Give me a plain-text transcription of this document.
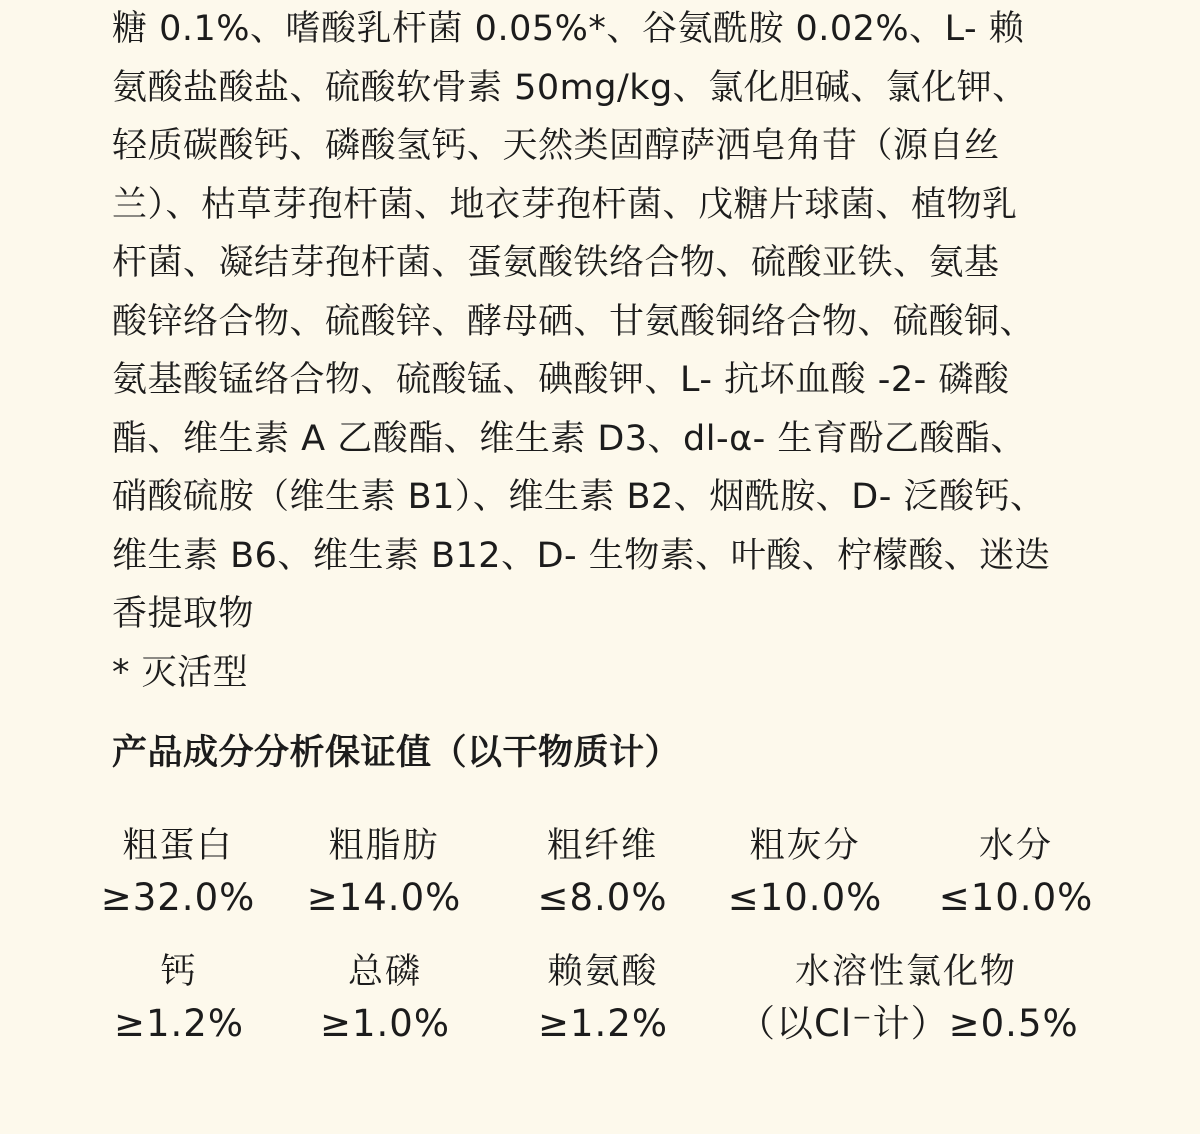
糖 0.1%、嗜酸乳杆菌 0.05%*、谷氨酰胺 0.02%、L- 赖
氨酸盐酸盐、硫酸软骨素 50mg/kg、氯化胆碱、氯化钾、
轻质碳酸钙、磷酸氢钙、天然类固醇萨洒皂角苷（源自丝
兰）、枯草芽孢杆菌、地衣芽孢杆菌、戊糖片球菌、植物乳
杆菌、凝结芽孢杆菌、蛋氨酸铁络合物、硫酸亚铁、氨基
酸锌络合物、硫酸锌、酵母硒、甘氨酸铜络合物、硫酸铜、
氨基酸锰络合物、硫酸锰、碘酸钾、L- 抗坏血酸 -2- 磷酸
酯、维生素 A 乙酸酯、维生素 D3、dl-α- 生育酚乙酸酯、
硝酸硫胺（维生素 B1）、维生素 B2、烟酰胺、D- 泛酸钙、
维生素 B6、维生素 B12、D- 生物素、叶酸、柠檬酸、迷迭
香提取物
* 灭活型
产品成分分析保证值（以干物质计）
粗蛋白
≥32.0%
粗脂肪
≥14.0%
粗纤维
≤8.0%
粗灰分
≤10.0%
水分
≤10.0%
钙
≥1.2%
总磷
≥1.0%
赖氨酸
≥1.2%
水溶性氯化物
（以Cl⁻计）≥0.5%
